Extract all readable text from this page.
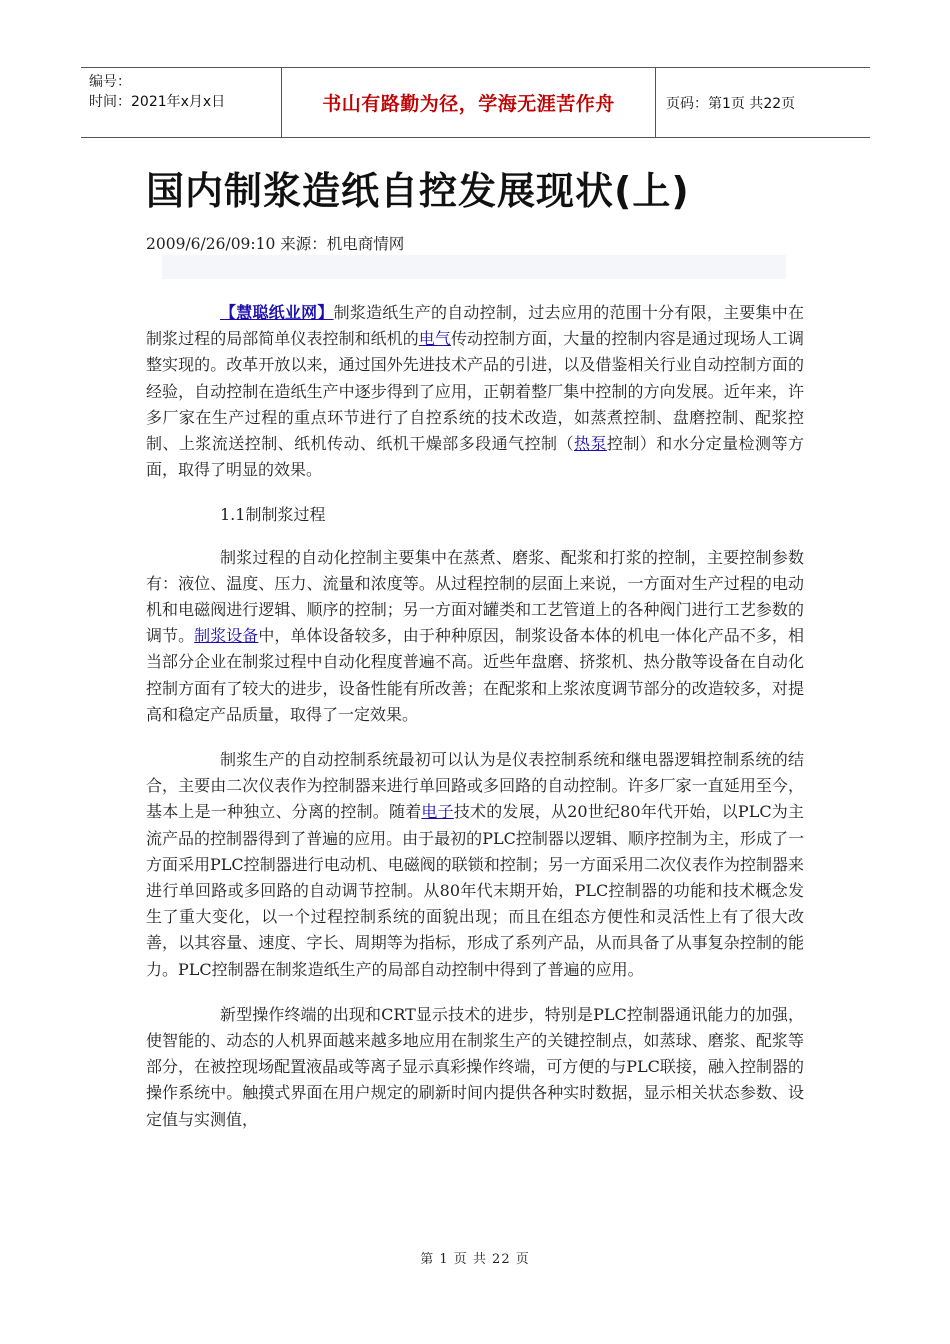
编号：
时间：2021年x月x日	书山有路勤为径，学海无涯苦作舟	页码：第1页 共22页
国内制浆造纸自控发展现状(上)
2009/6/26/09:10 来源：机电商情网

【慧聪纸业网】制浆造纸生产的自动控制，过去应用的范围十分有限，主要集中在制浆过程的局部简单仪表控制和纸机的电气传动控制方面，大量的控制内容是通过现场人工调整实现的。改革开放以来，通过国外先进技术产品的引进，以及借鉴相关行业自动控制方面的经验，自动控制在造纸生产中逐步得到了应用，正朝着整厂集中控制的方向发展。近年来，许多厂家在生产过程的重点环节进行了自控系统的技术改造，如蒸煮控制、盘磨控制、配浆控制、上浆流送控制、纸机传动、纸机干燥部多段通气控制（热泵控制）和水分定量检测等方面，取得了明显的效果。

1.1制制浆过程

制浆过程的自动化控制主要集中在蒸煮、磨浆、配浆和打浆的控制，主要控制参数有：液位、温度、压力、流量和浓度等。从过程控制的层面上来说，一方面对生产过程的电动机和电磁阀进行逻辑、顺序的控制；另一方面对罐类和工艺管道上的各种阀门进行工艺参数的调节。制浆设备中，单体设备较多，由于种种原因，制浆设备本体的机电一体化产品不多，相当部分企业在制浆过程中自动化程度普遍不高。近些年盘磨、挤浆机、热分散等设备在自动化控制方面有了较大的进步，设备性能有所改善；在配浆和上浆浓度调节部分的改造较多，对提高和稳定产品质量，取得了一定效果。

制浆生产的自动控制系统最初可以认为是仪表控制系统和继电器逻辑控制系统的结合，主要由二次仪表作为控制器来进行单回路或多回路的自动控制。许多厂家一直延用至今，基本上是一种独立、分离的控制。随着电子技术的发展，从20世纪80年代开始，以PLC为主流产品的控制器得到了普遍的应用。由于最初的PLC控制器以逻辑、顺序控制为主，形成了一方面采用PLC控制器进行电动机、电磁阀的联锁和控制；另一方面采用二次仪表作为控制器来进行单回路或多回路的自动调节控制。从80年代末期开始，PLC控制器的功能和技术概念发生了重大变化，以一个过程控制系统的面貌出现；而且在组态方便性和灵活性上有了很大改善，以其容量、速度、字长、周期等为指标，形成了系列产品，从而具备了从事复杂控制的能力。PLC控制器在制浆造纸生产的局部自动控制中得到了普遍的应用。

新型操作终端的出现和CRT显示技术的进步，特别是PLC控制器通讯能力的加强，使智能的、动态的人机界面越来越多地应用在制浆生产的关键控制点，如蒸球、磨浆、配浆等部分，在被控现场配置液晶或等离子显示真彩操作终端，可方便的与PLC联接，融入控制器的操作系统中。触摸式界面在用户规定的刷新时间内提供各种实时数据，显示相关状态参数、设定值与实测值，

第 1 页 共 22 页
